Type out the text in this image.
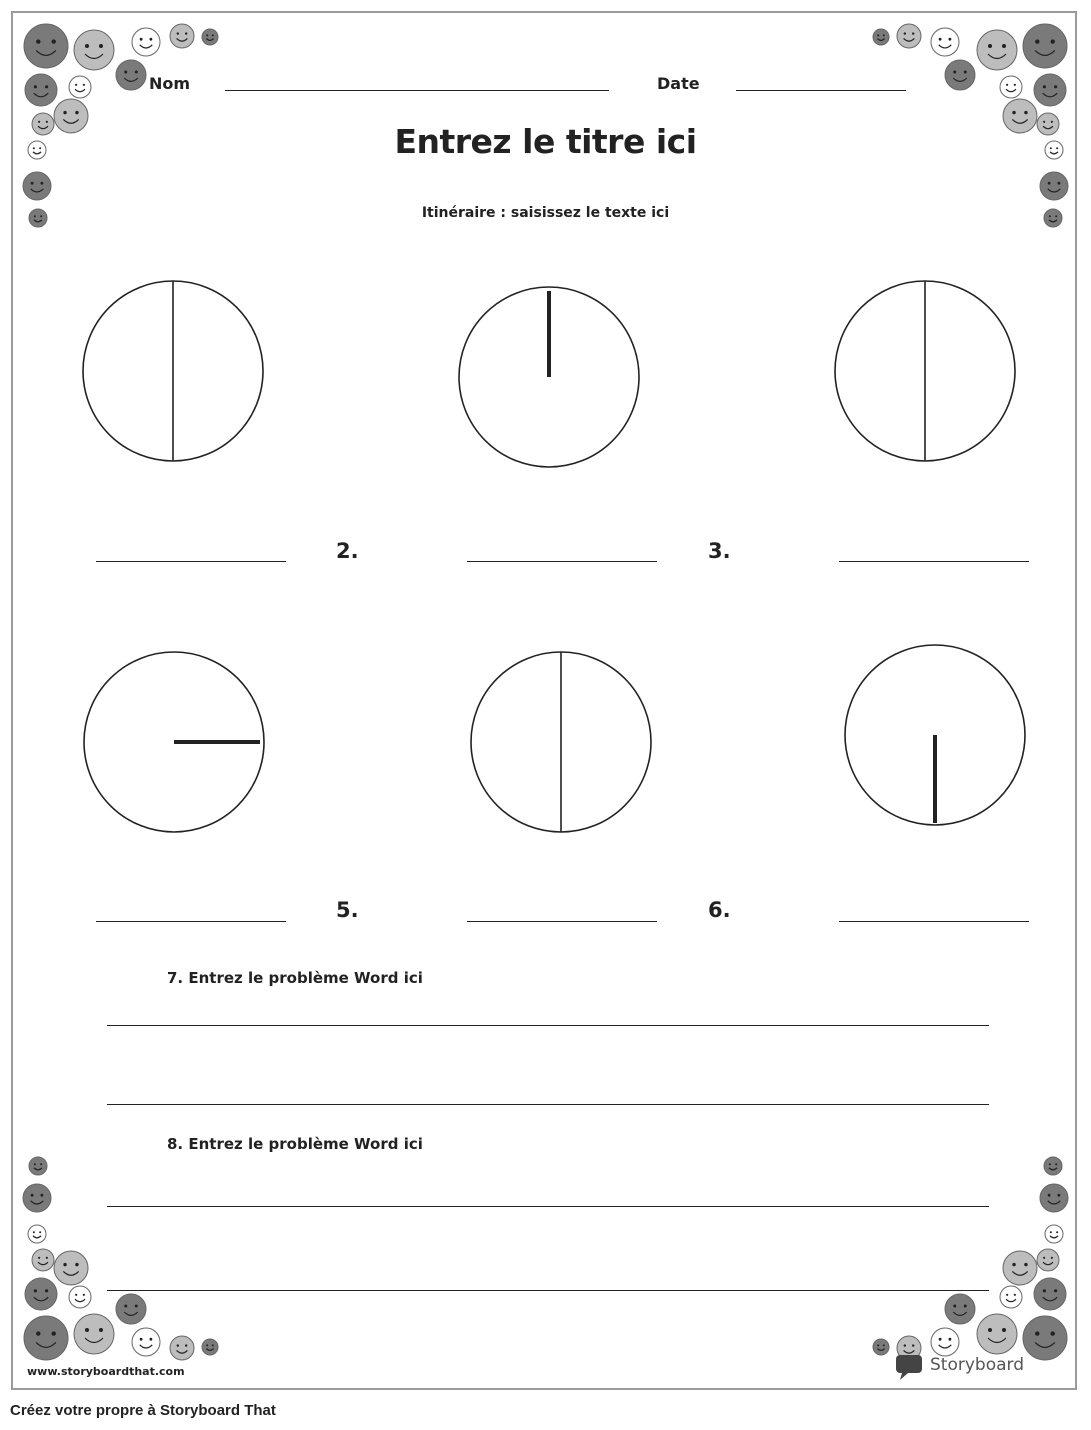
Nom	Date
Entrez le titre ici
Itinéraire : saisissez le texte ici
2.	3.
5.	6.
7. Entrez le problème Word ici
8. Entrez le problème Word ici
www.storyboardthat.com	Storyboard
Créez votre propre à Storyboard That
